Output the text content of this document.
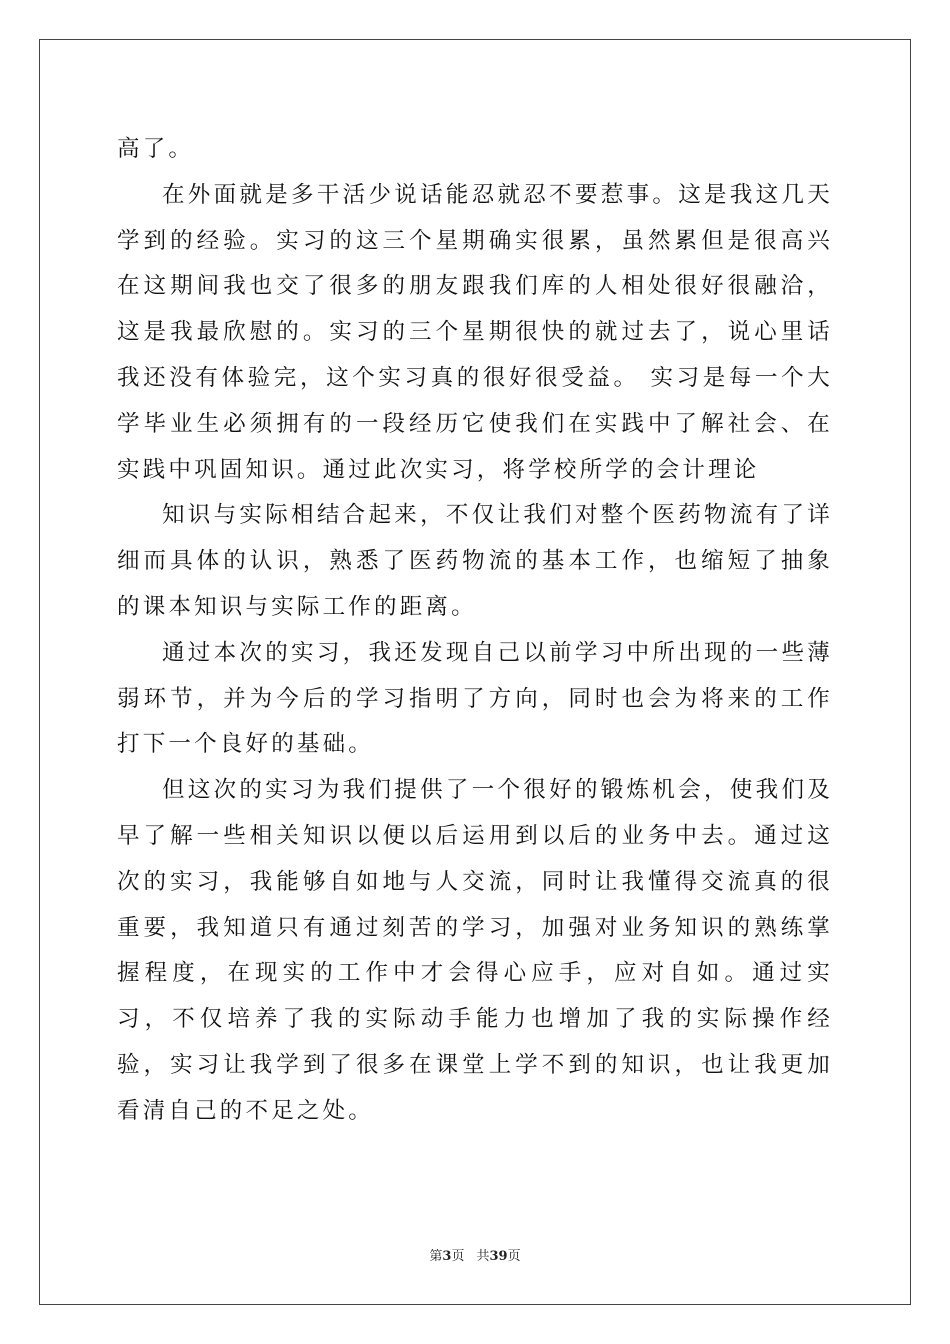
高了。

在外面就是多干活少说话能忍就忍不要惹事。这是我这几天学到的经验。实习的这三个星期确实很累，虽然累但是很高兴在这期间我也交了很多的朋友跟我们库的人相处很好很融洽，这是我最欣慰的。实习的三个星期很快的就过去了，说心里话我还没有体验完，这个实习真的很好很受益。 实习是每一个大学毕业生必须拥有的一段经历它使我们在实践中了解社会、在实践中巩固知识。通过此次实习，将学校所学的会计理论

知识与实际相结合起来，不仅让我们对整个医药物流有了详细而具体的认识，熟悉了医药物流的基本工作，也缩短了抽象的课本知识与实际工作的距离。

通过本次的实习，我还发现自己以前学习中所出现的一些薄弱环节，并为今后的学习指明了方向，同时也会为将来的工作打下一个良好的基础。

但这次的实习为我们提供了一个很好的锻炼机会，使我们及早了解一些相关知识以便以后运用到以后的业务中去。通过这次的实习，我能够自如地与人交流，同时让我懂得交流真的很重要，我知道只有通过刻苦的学习，加强对业务知识的熟练掌握程度，在现实的工作中才会得心应手，应对自如。通过实习，不仅培养了我的实际动手能力也增加了我的实际操作经验，实习让我学到了很多在课堂上学不到的知识，也让我更加看清自己的不足之处。

第3页 共39页
